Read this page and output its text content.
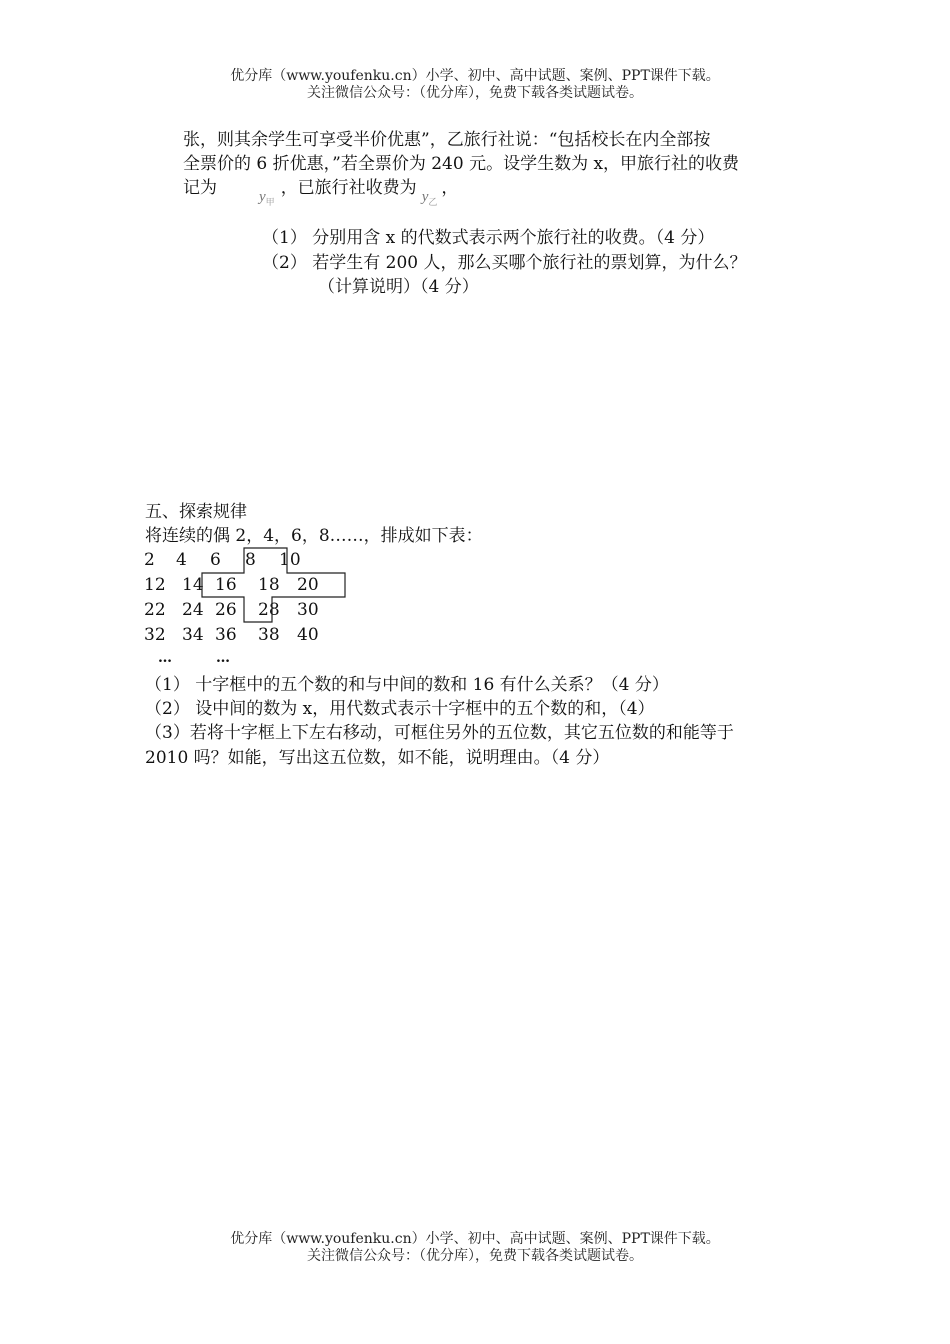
优分库（www.youfenku.cn）小学、初中、高中试题、案例、PPT课件下载。
关注微信公众号：（优分库），免费下载各类试题试卷。
张，则其余学生可享受半价优惠”，乙旅行社说：“包括校长在内全部按
全票价的 6 折优惠，”若全票价为 240 元。设学生数为 x，甲旅行社的收费
记为	$y_甲$，已旅行社收费为 $y_乙$，
（1） 分别用含 x 的代数式表示两个旅行社的收费。（4 分）
（2） 若学生有 200 人，那么买哪个旅行社的票划算，为什么？
（计算说明）（4 分）
五、探索规律
将连续的偶 2，4，6，8……，排成如下表：
2 4 6 8 10
12 14 16 18 20
22 24 26 28 30
32 34 36 38 40
…	…
（1） 十字框中的五个数的和与中间的数和 16 有什么关系？（4 分）
（2） 设中间的数为 x，用代数式表示十字框中的五个数的和，（4）
（3）若将十字框上下左右移动，可框住另外的五位数，其它五位数的和能等于
2010 吗？如能，写出这五位数，如不能，说明理由。（4 分）
优分库（www.youfenku.cn）小学、初中、高中试题、案例、PPT课件下载。
关注微信公众号：（优分库），免费下载各类试题试卷。
